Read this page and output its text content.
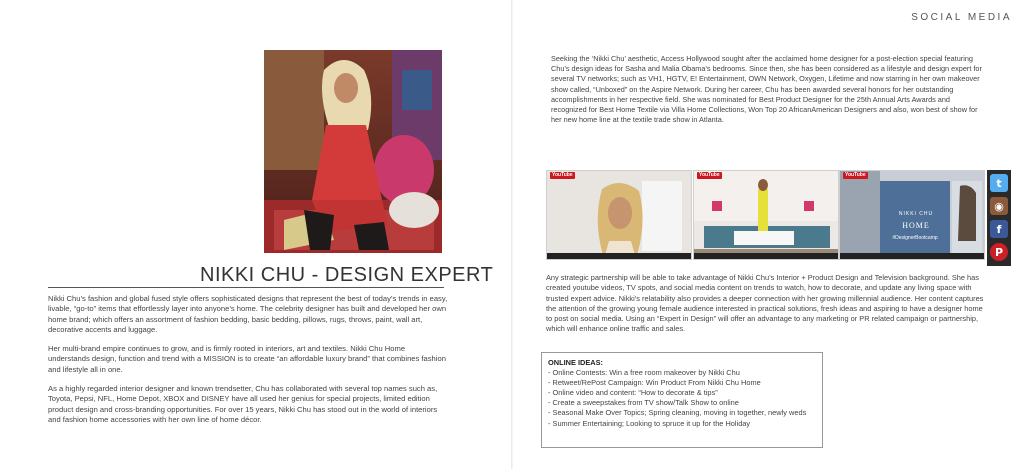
SOCIAL MEDIA
NIKKI CHU - DESIGN EXPERT

Nikki Chu’s fashion and global fused style offers sophisticated designs that represent the best of today’s trends in easy, livable, “go-to” items that effortlessly layer into anyone’s home. The celebrity designer has built and developed her own home brand; which offers an assortment of fashion bedding, basic bedding, pillows, rugs, throws, paint, wall art, decorative accents and luggage.

Her multi-brand empire continues to grow, and is firmly rooted in interiors, art and textiles. Nikki Chu Home understands design, function and trend with a MISSION is to create “an affordable luxury brand” that combines fashion and lifestyle all in one.

As a highly regarded interior designer and known trendsetter, Chu has collaborated with several top names such as, Toyota, Pepsi, NFL, Home Depot, XBOX and DISNEY have all used her genius for special projects, limited edition product design and cross-branding opportunities. For over 15 years, Nikki Chu has stood out in the world of interiors and fashion home accessories with her own line of home décor.

Seeking the ‘Nikki Chu’ aesthetic, Access Hollywood sought after the acclaimed home designer for a post-election special featuring Chu’s design ideas for Sasha and Malia Obama’s bedrooms. Since then, she has been considered as a lifestyle and design expert for several TV networks; such as VH1, HGTV, E! Entertainment, OWN Network, Oxygen, Lifetime and now starring in her own makeover show called, “Unboxed” on the Aspire Network. During her career, Chu has been awarded several honors for her outstanding accomplishments in her respective field. She was nominated for Best Product Designer for the 25th Annual Arts Awards and recognized for Best Home Textile via Villa Home Collections, Won Top 20 AfricanAmerican Designers and also, won best of show for her new home line at the textile trade show in Atlanta.

YouTube	YouTube	YouTube
NIKKI CHU
HOME
#DesignerBootcamp
t
◉
f
P

Any strategic partnership will be able to take advantage of Nikki Chu’s Interior + Product Design and Television background. She has created youtube videos, TV spots, and social media content on trends to watch, how to decorate, and update any living space with trusted expert advice. Nikki’s relatability also provides a deeper connection with her growing millennial audience. Her content captures the attention of the growing young female audience interested in practical solutions, fresh ideas and aspiring to have a designer home to post on social media. Using an “Expert in Design” will offer an advantage to any marketing or PR related campaign or partnership, which will enhance online traffic and sales.

ONLINE IDEAS:
- Online Contests: Win a free room makeover by Nikki Chu
- Retweet/RePost Campaign: Win Product From Nikki Chu Home
- Online video and content: “How to decorate & tips”
- Create a sweepstakes from TV show/Talk Show to online
- Seasonal Make Over Topics; Spring cleaning, moving in together, newly weds
- Summer Entertaining; Looking to spruce it up for the Holiday
